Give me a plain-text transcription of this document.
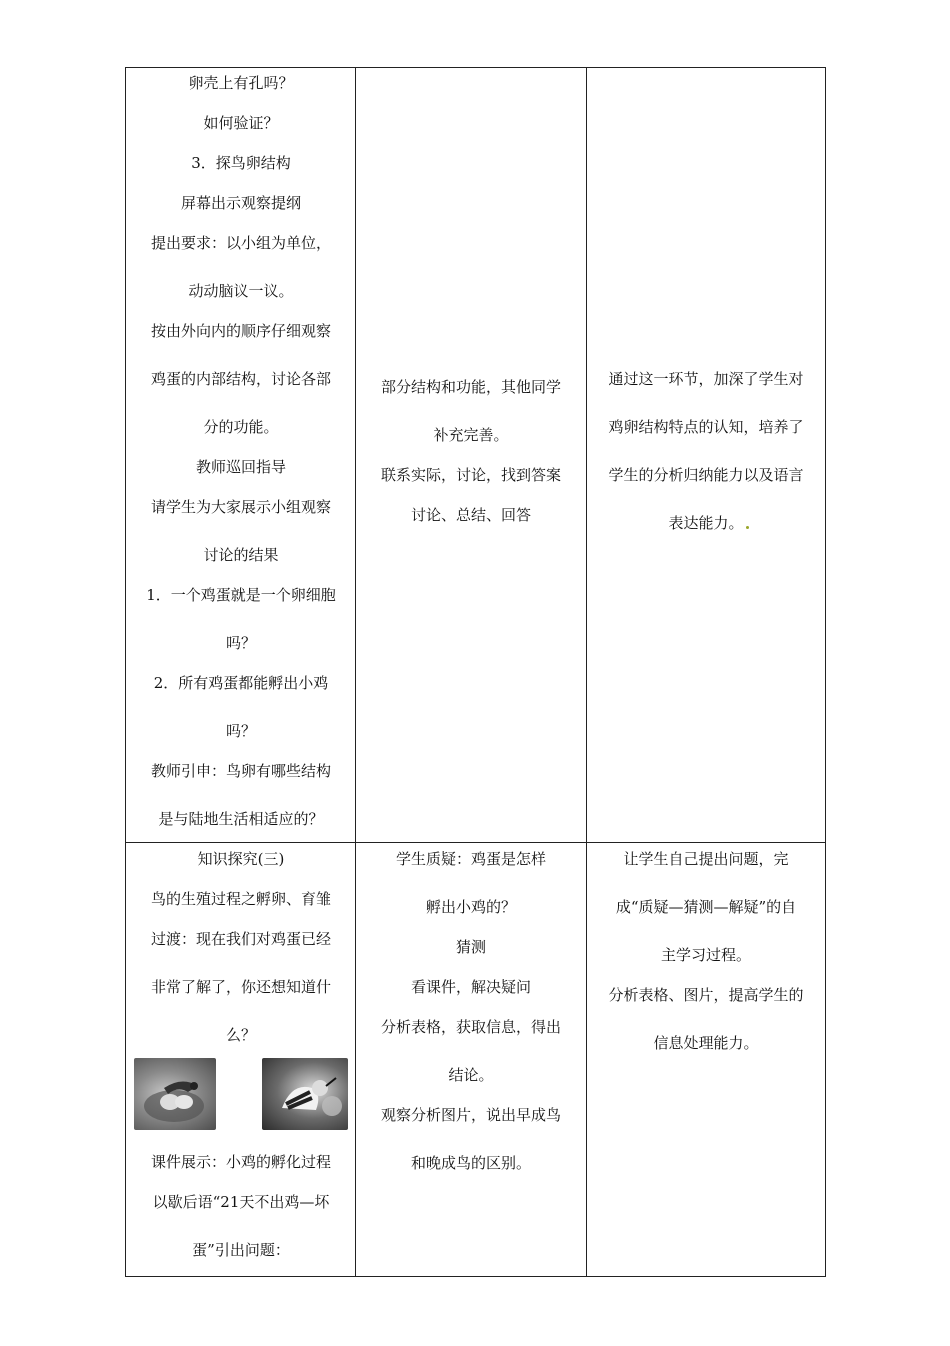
卵壳上有孔吗？
如何验证？
3．探鸟卵结构
屏幕出示观察提纲
提出要求：以小组为单位，
动动脑议一议。
按由外向内的顺序仔细观察
鸡蛋的内部结构，讨论各部
分的功能。
教师巡回指导
请学生为大家展示小组观察
讨论的结果
1．一个鸡蛋就是一个卵细胞
吗？
2．所有鸡蛋都能孵出小鸡
吗？
教师引申：鸟卵有哪些结构
是与陆地生活相适应的？
部分结构和功能，其他同学
补充完善。
联系实际，讨论，找到答案
讨论、总结、回答
通过这一环节，加深了学生对
鸡卵结构特点的认知，培养了
学生的分析归纳能力以及语言
表达能力。
知识探究(三)
鸟的生殖过程之孵卵、育雏
过渡：现在我们对鸡蛋已经
非常了解了，你还想知道什
么？
课件展示：小鸡的孵化过程
以歇后语“21天不出鸡—坏
蛋”引出问题：
学生质疑：鸡蛋是怎样
孵出小鸡的？
猜测
看课件，解决疑问
分析表格，获取信息，得出
结论。
观察分析图片，说出早成鸟
和晚成鸟的区别。
让学生自己提出问题，完
成“质疑—猜测—解疑”的自
主学习过程。
分析表格、图片，提高学生的
信息处理能力。
